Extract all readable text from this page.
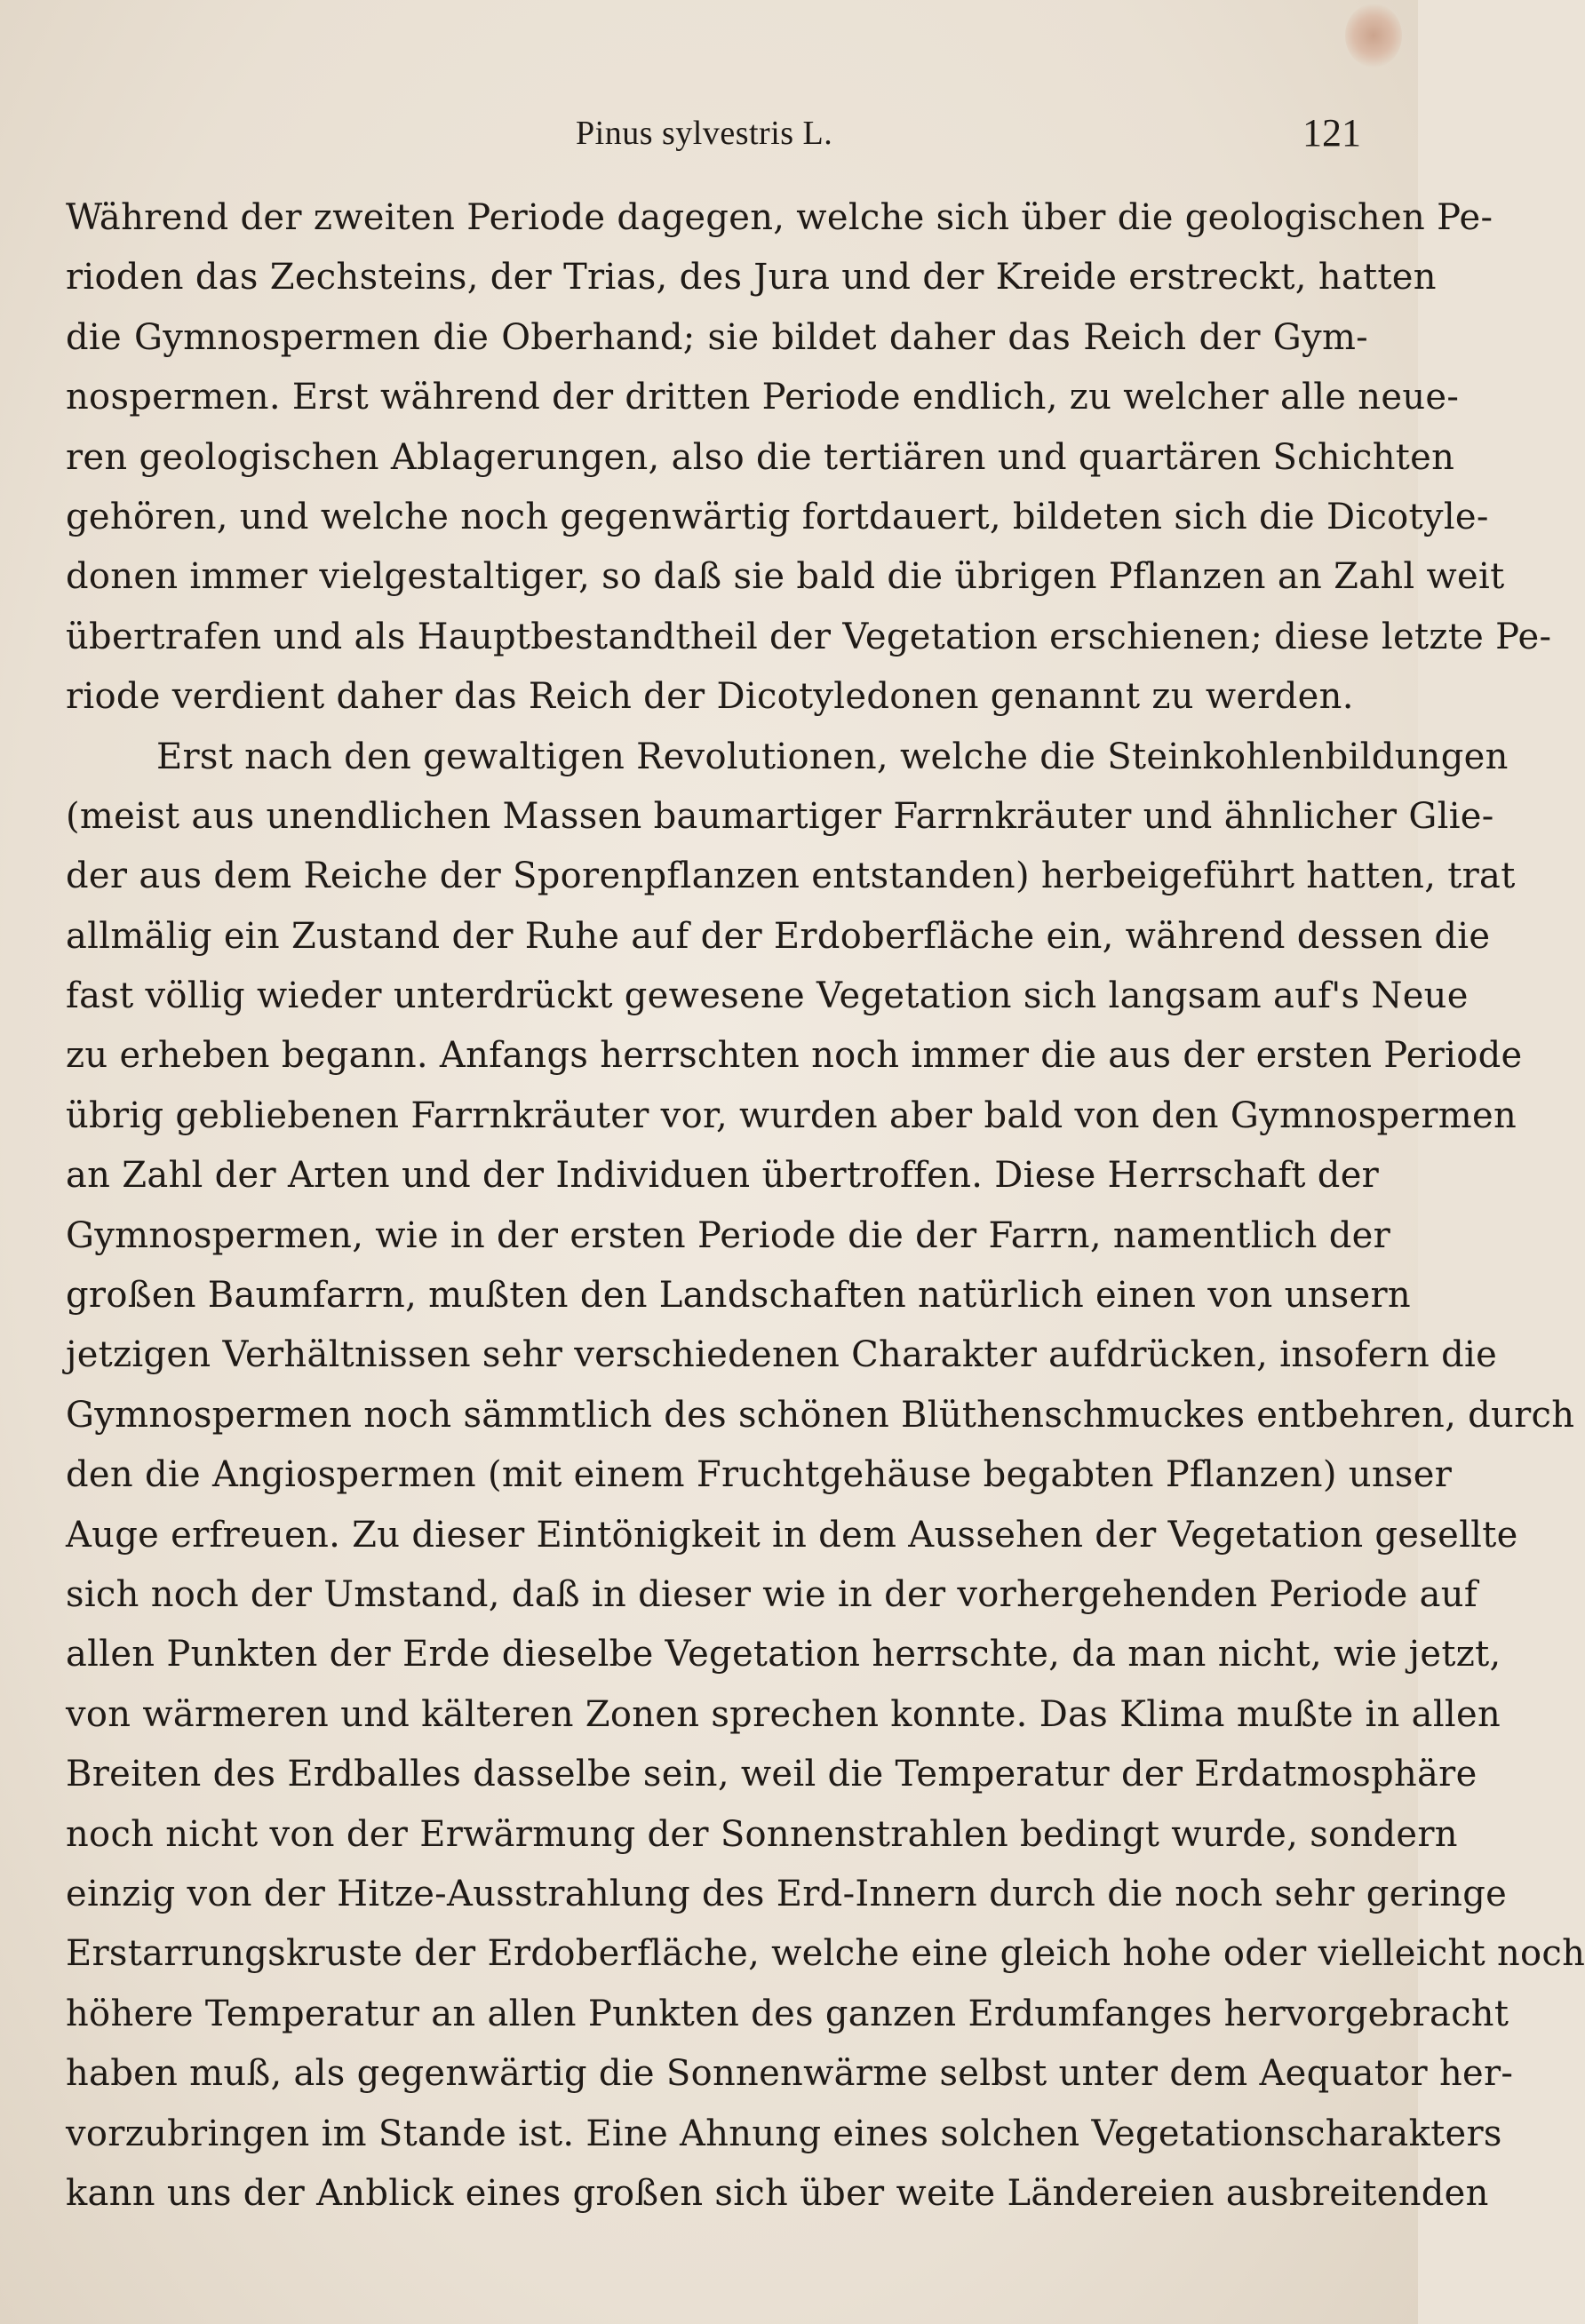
Pinus sylvestris L.	121
Während der zweiten Periode dagegen, welche sich über die geologischen Pe-
rioden das Zechsteins, der Trias, des Jura und der Kreide erstreckt, hatten
die Gymnospermen die Oberhand; sie bildet daher das Reich der Gym-
nospermen. Erst während der dritten Periode endlich, zu welcher alle neue-
ren geologischen Ablagerungen, also die tertiären und quartären Schichten
gehören, und welche noch gegenwärtig fortdauert, bildeten sich die Dicotyle-
donen immer vielgestaltiger, so daß sie bald die übrigen Pflanzen an Zahl weit
übertrafen und als Hauptbestandtheil der Vegetation erschienen; diese letzte Pe-
riode verdient daher das Reich der Dicotyledonen genannt zu werden.
Erst nach den gewaltigen Revolutionen, welche die Steinkohlenbildungen
(meist aus unendlichen Massen baumartiger Farrnkräuter und ähnlicher Glie-
der aus dem Reiche der Sporenpflanzen entstanden) herbeigeführt hatten, trat
allmälig ein Zustand der Ruhe auf der Erdoberfläche ein, während dessen die
fast völlig wieder unterdrückt gewesene Vegetation sich langsam auf's Neue
zu erheben begann. Anfangs herrschten noch immer die aus der ersten Periode
übrig gebliebenen Farrnkräuter vor, wurden aber bald von den Gymnospermen
an Zahl der Arten und der Individuen übertroffen. Diese Herrschaft der
Gymnospermen, wie in der ersten Periode die der Farrn, namentlich der
großen Baumfarrn, mußten den Landschaften natürlich einen von unsern
jetzigen Verhältnissen sehr verschiedenen Charakter aufdrücken, insofern die
Gymnospermen noch sämmtlich des schönen Blüthenschmuckes entbehren, durch
den die Angiospermen (mit einem Fruchtgehäuse begabten Pflanzen) unser
Auge erfreuen. Zu dieser Eintönigkeit in dem Aussehen der Vegetation gesellte
sich noch der Umstand, daß in dieser wie in der vorhergehenden Periode auf
allen Punkten der Erde dieselbe Vegetation herrschte, da man nicht, wie jetzt,
von wärmeren und kälteren Zonen sprechen konnte. Das Klima mußte in allen
Breiten des Erdballes dasselbe sein, weil die Temperatur der Erdatmosphäre
noch nicht von der Erwärmung der Sonnenstrahlen bedingt wurde, sondern
einzig von der Hitze-Ausstrahlung des Erd-Innern durch die noch sehr geringe
Erstarrungskruste der Erdoberfläche, welche eine gleich hohe oder vielleicht noch
höhere Temperatur an allen Punkten des ganzen Erdumfanges hervorgebracht
haben muß, als gegenwärtig die Sonnenwärme selbst unter dem Aequator her-
vorzubringen im Stande ist. Eine Ahnung eines solchen Vegetationscharakters
kann uns der Anblick eines großen sich über weite Ländereien ausbreitenden
